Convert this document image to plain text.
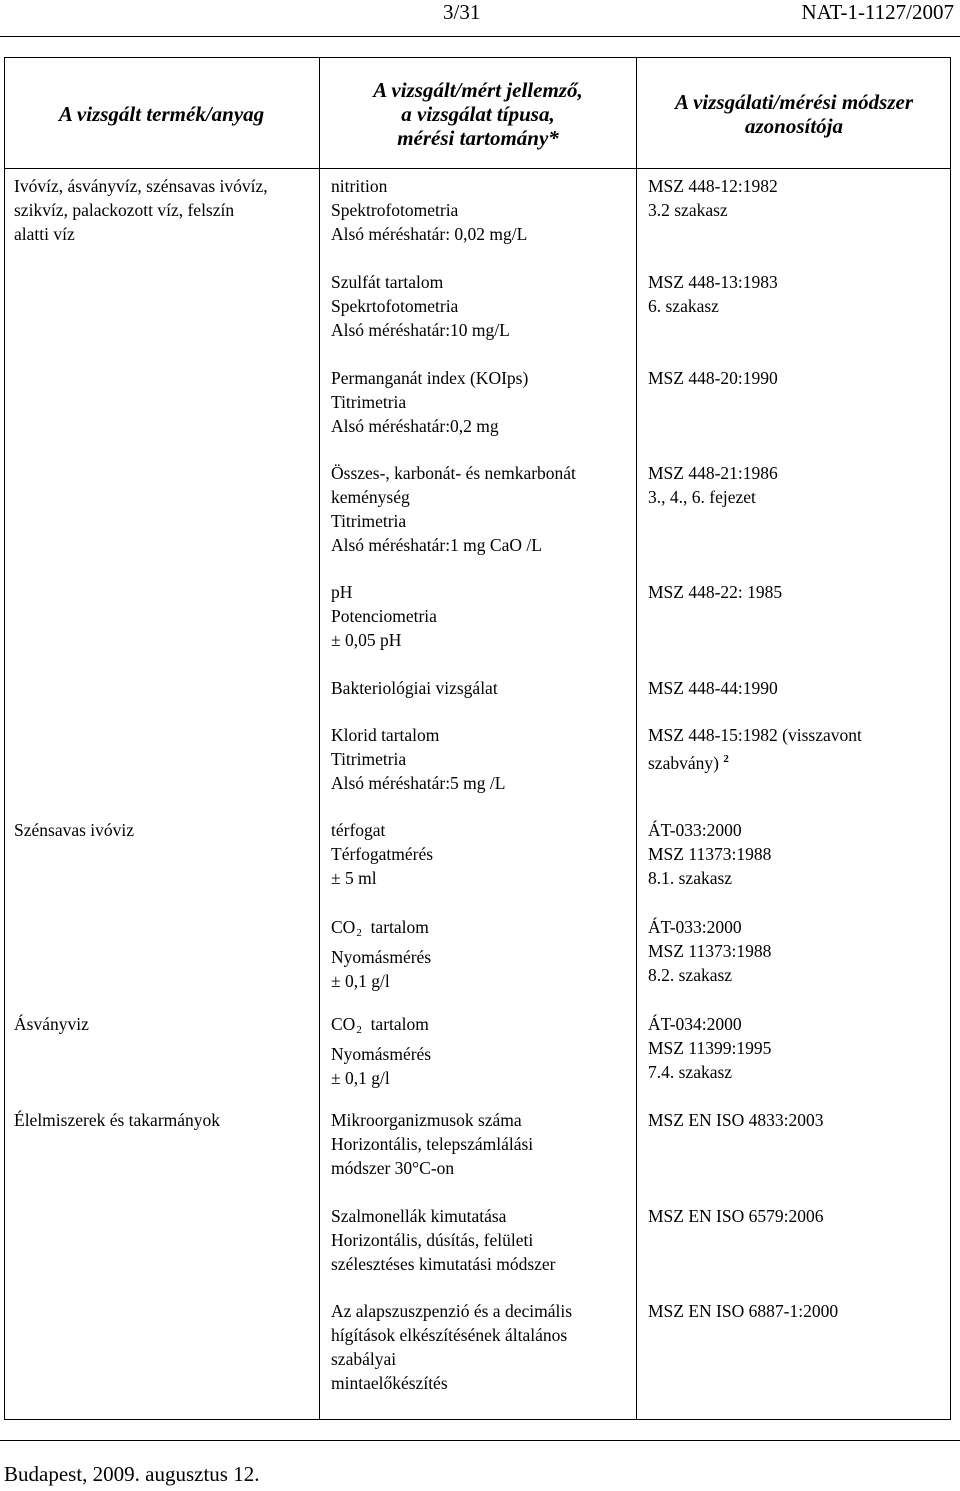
3/31	NAT-1-1127/2007
A vizsgált termék/anyag
A vizsgált/mért jellemző,
a vizsgálat típusa,
mérési tartomány*
A vizsgálati/mérési módszer
azonosítója
Ivóvíz, ásványvíz, szénsavas ivóvíz,
szikvíz, palackozott víz, felszín
alatti víz
Szénsavas ivóviz
Ásványviz
Élelmiszerek és takarmányok
nitrition
Spektrofotometria
Alsó méréshatár: 0,02 mg/L
Szulfát tartalom
Spekrtofotometria
Alsó méréshatár:10 mg/L
Permanganát index (KOIps)
Titrimetria
Alsó méréshatár:0,2 mg
Összes-, karbonát- és nemkarbonát
keménység
Titrimetria
Alsó méréshatár:1 mg CaO /L
pH
Potenciometria
± 0,05 pH
Bakteriológiai vizsgálat
Klorid tartalom
Titrimetria
Alsó méréshatár:5 mg /L
térfogat
Térfogatmérés
± 5 ml
$CO_2$ tartalom
Nyomásmérés
± 0,1 g/l
$CO_2$ tartalom
Nyomásmérés
± 0,1 g/l
Mikroorganizmusok száma
Horizontális, telepszámlálási
módszer 30°C-on
Szalmonellák kimutatása
Horizontális, dúsítás, felületi
szélesztéses kimutatási módszer
Az alapszuszpenzió és a decimális
hígítások elkészítésének általános
szabályai
mintaelőkészítés
MSZ 448-12:1982
3.2 szakasz
MSZ 448-13:1983
6. szakasz
MSZ 448-20:1990
MSZ 448-21:1986
3., 4., 6. fejezet
MSZ 448-22: 1985
MSZ 448-44:1990
MSZ 448-15:1982 (visszavont
szabvány) $^2$
ÁT-033:2000
MSZ 11373:1988
8.1. szakasz
ÁT-033:2000
MSZ 11373:1988
8.2. szakasz
ÁT-034:2000
MSZ 11399:1995
7.4. szakasz
MSZ EN ISO 4833:2003
MSZ EN ISO 6579:2006
MSZ EN ISO 6887-1:2000
Budapest, 2009. augusztus 12.
